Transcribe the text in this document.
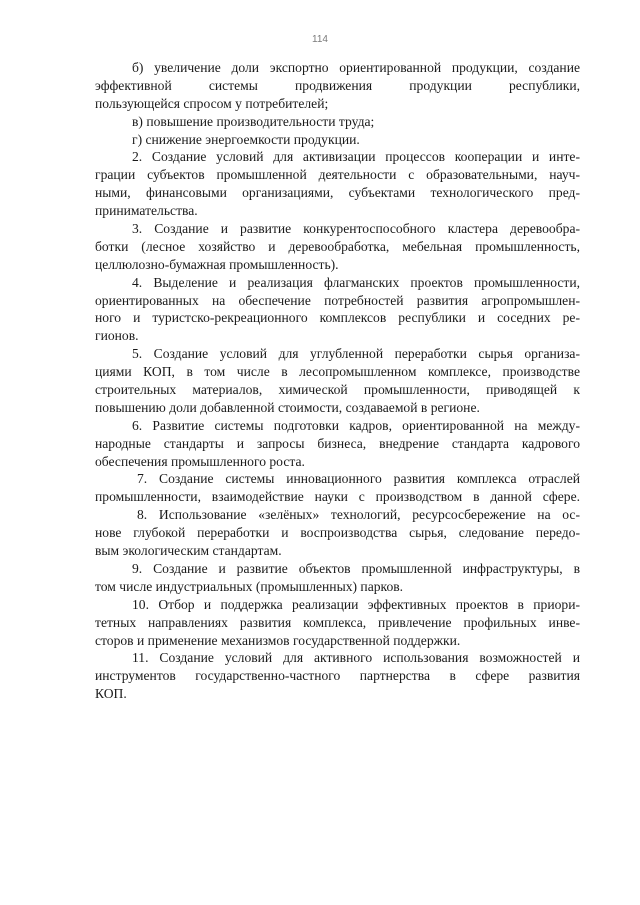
114
б) увеличение доли экспортно ориентированной продукции, создание
эффективной системы продвижения продукции республики,
пользующейся спросом у потребителей;
в) повышение производительности труда;
г) снижение энергоемкости продукции.
2. Создание условий для активизации процессов кооперации и инте-
грации субъектов промышленной деятельности с образовательными, науч-
ными, финансовыми организациями, субъектами технологического пред-
принимательства.
3. Создание и развитие конкурентоспособного кластера деревообра-
ботки (лесное хозяйство и деревообработка, мебельная промышленность,
целлюлозно-бумажная промышленность).
4. Выделение и реализация флагманских проектов промышленности,
ориентированных на обеспечение потребностей развития агропромышлен-
ного и туристско-рекреационного комплексов республики и соседних ре-
гионов.
5. Создание условий для углубленной переработки сырья организа-
циями КОП, в том числе в лесопромышленном комплексе, производстве
строительных материалов, химической промышленности, приводящей к
повышению доли добавленной стоимости, создаваемой в регионе.
6. Развитие системы подготовки кадров, ориентированной на между-
народные стандарты и запросы бизнеса, внедрение стандарта кадрового
обеспечения промышленного роста.
7. Создание системы инновационного развития комплекса отраслей
промышленности, взаимодействие науки с производством в данной сфере.
8. Использование «зелёных» технологий, ресурсосбережение на ос-
нове глубокой переработки и воспроизводства сырья, следование передо-
вым экологическим стандартам.
9. Создание и развитие объектов промышленной инфраструктуры, в
том числе индустриальных (промышленных) парков.
10. Отбор и поддержка реализации эффективных проектов в приори-
тетных направлениях развития комплекса, привлечение профильных инве-
сторов и применение механизмов государственной поддержки.
11. Создание условий для активного использования возможностей и
инструментов государственно-частного партнерства в сфере развития
КОП.
